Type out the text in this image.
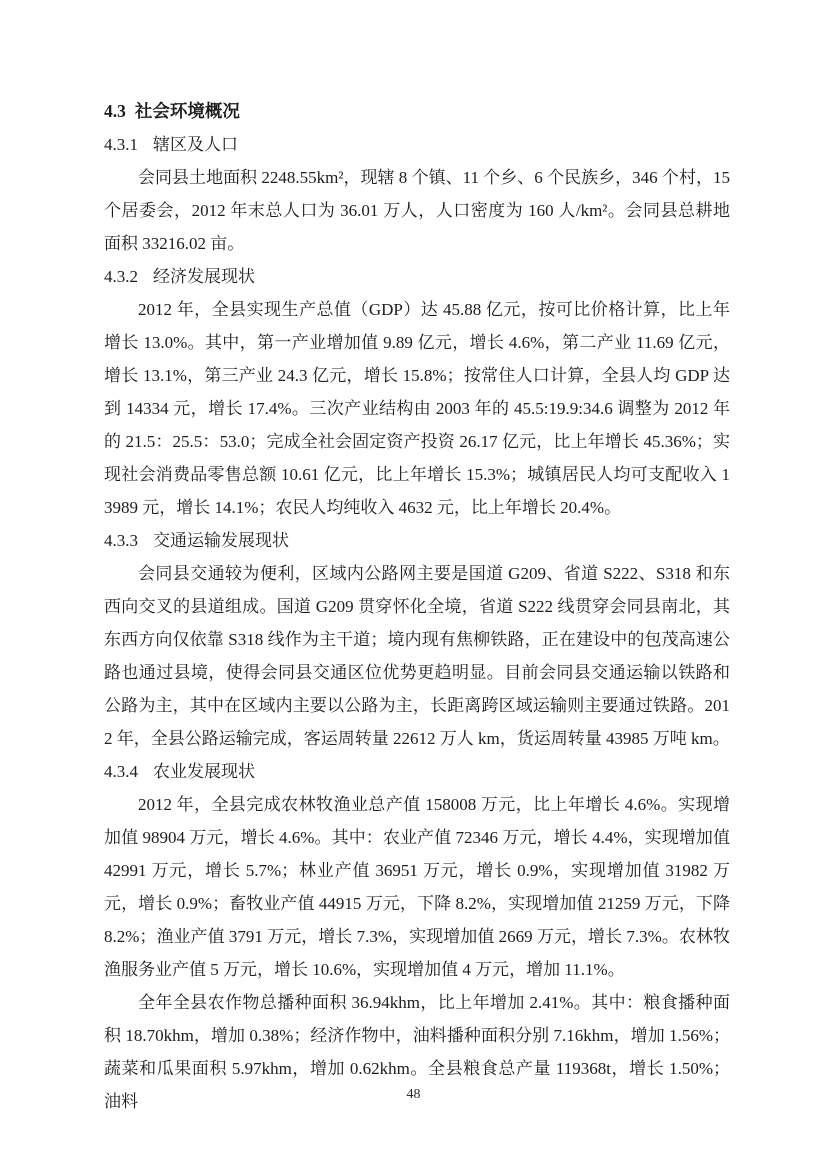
4.3 社会环境概况
4.3.1 辖区及人口

会同县土地面积 2248.55km²，现辖 8 个镇、11 个乡、6 个民族乡，346 个村，15 个居委会，2012 年末总人口为 36.01 万人，人口密度为 160 人/km²。会同县总耕地面积 33216.02 亩。

4.3.2 经济发展现状

2012 年，全县实现生产总值（GDP）达 45.88 亿元，按可比价格计算，比上年增长 13.0%。其中，第一产业增加值 9.89 亿元，增长 4.6%，第二产业 11.69 亿元，增长 13.1%，第三产业 24.3 亿元，增长 15.8%；按常住人口计算，全县人均 GDP 达到 14334 元，增长 17.4%。三次产业结构由 2003 年的 45.5:19.9:34.6 调整为 2012 年的 21.5：25.5：53.0；完成全社会固定资产投资 26.17 亿元，比上年增长 45.36%；实现社会消费品零售总额 10.61 亿元，比上年增长 15.3%；城镇居民人均可支配收入 13989 元，增长 14.1%；农民人均纯收入 4632 元，比上年增长 20.4%。

4.3.3 交通运输发展现状

会同县交通较为便利，区域内公路网主要是国道 G209、省道 S222、S318 和东西向交叉的县道组成。国道 G209 贯穿怀化全境，省道 S222 线贯穿会同县南北，其东西方向仅依靠 S318 线作为主干道；境内现有焦柳铁路，正在建设中的包茂高速公路也通过县境，使得会同县交通区位优势更趋明显。目前会同县交通运输以铁路和公路为主，其中在区域内主要以公路为主，长距离跨区域运输则主要通过铁路。2012 年，全县公路运输完成，客运周转量 22612 万人 km，货运周转量 43985 万吨 km。

4.3.4 农业发展现状

2012 年，全县完成农林牧渔业总产值 158008 万元，比上年增长 4.6%。实现增加值 98904 万元，增长 4.6%。其中：农业产值 72346 万元，增长 4.4%，实现增加值 42991 万元，增长 5.7%；林业产值 36951 万元，增长 0.9%，实现增加值 31982 万元，增长 0.9%；畜牧业产值 44915 万元，下降 8.2%，实现增加值 21259 万元，下降 8.2%；渔业产值 3791 万元，增长 7.3%，实现增加值 2669 万元，增长 7.3%。农林牧渔服务业产值 5 万元，增长 10.6%，实现增加值 4 万元，增加 11.1%。

全年全县农作物总播种面积 36.94khm，比上年增加 2.41%。其中：粮食播种面积 18.70khm，增加 0.38%；经济作物中，油料播种面积分别 7.16khm，增加 1.56%；蔬菜和瓜果面积 5.97khm，增加 0.62khm。全县粮食总产量 119368t，增长 1.50%；油料	48
